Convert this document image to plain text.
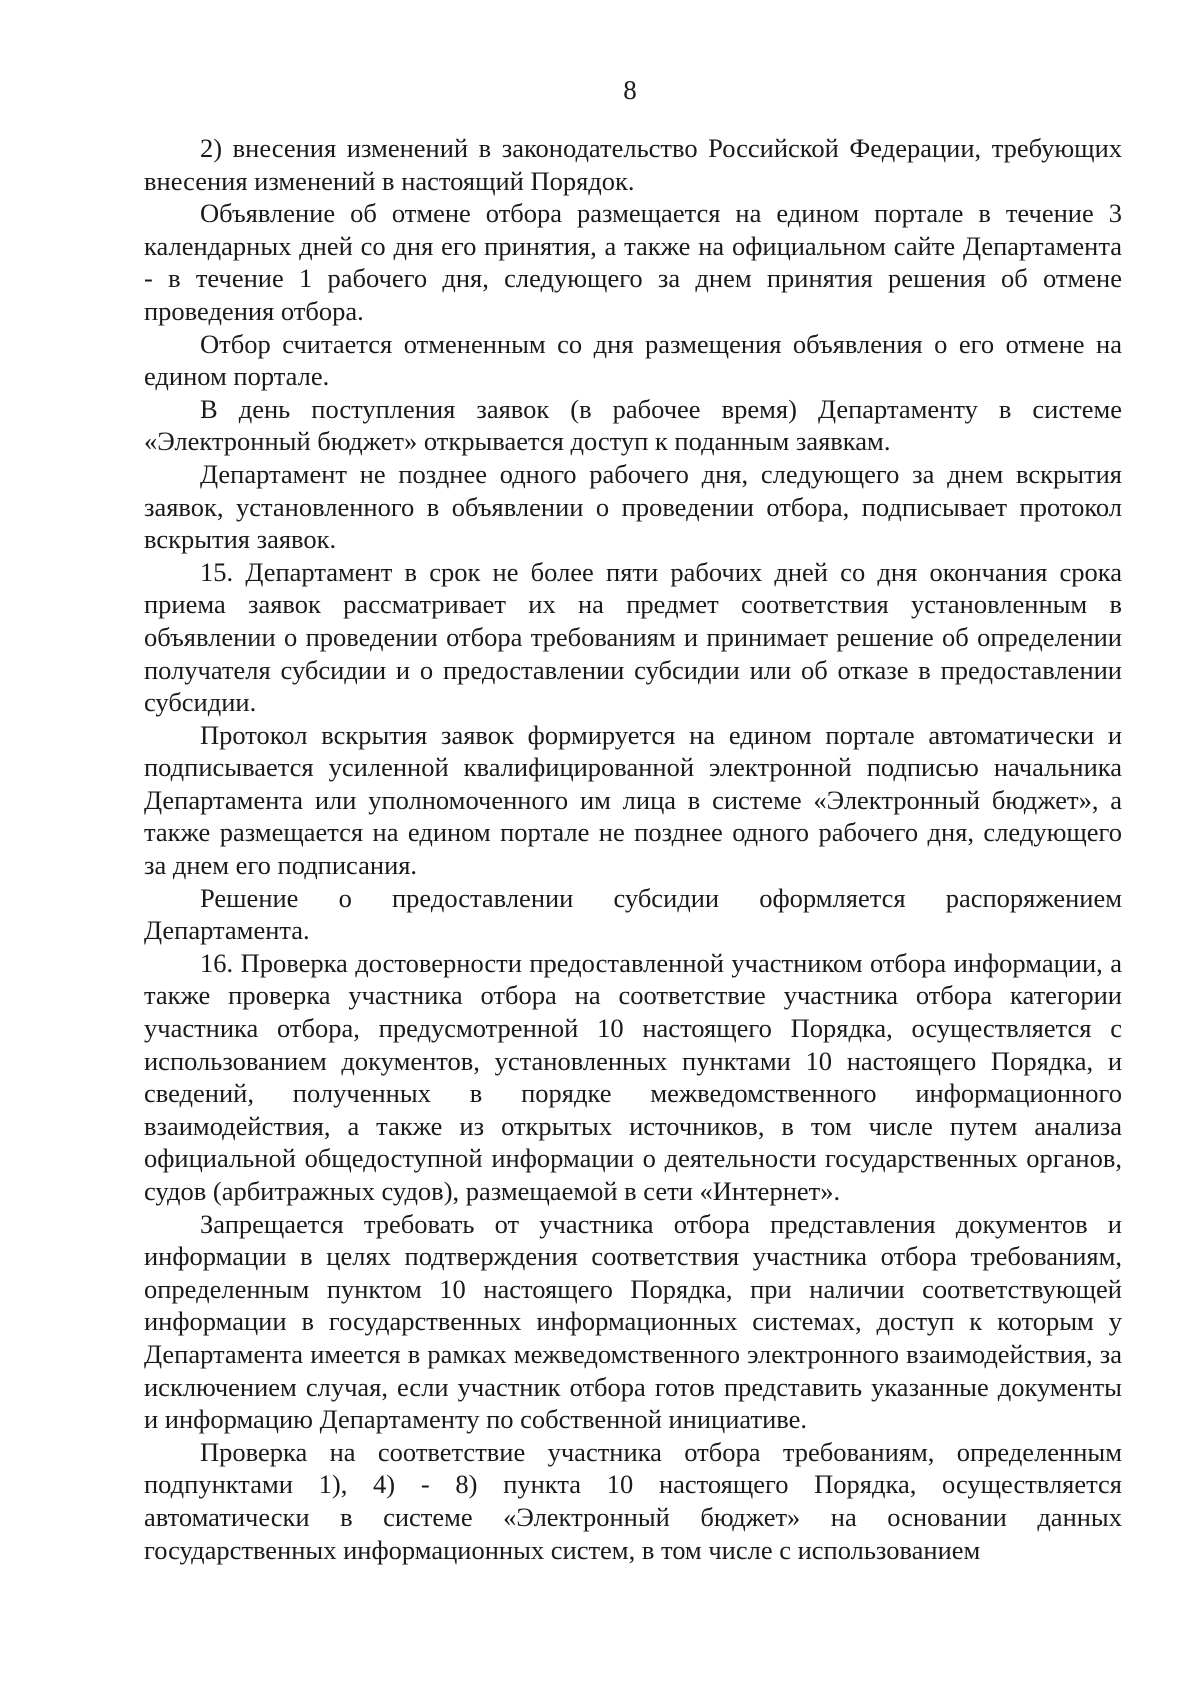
8

2) внесения изменений в законодательство Российской Федерации, требующих внесения изменений в настоящий Порядок.

Объявление об отмене отбора размещается на едином портале в течение 3 календарных дней со дня его принятия, а также на официальном сайте Департамента - в течение 1 рабочего дня, следующего за днем принятия решения об отмене проведения отбора.

Отбор считается отмененным со дня размещения объявления о его отмене на едином портале.

В день поступления заявок (в рабочее время) Департаменту в системе «Электронный бюджет» открывается доступ к поданным заявкам.

Департамент не позднее одного рабочего дня, следующего за днем вскрытия заявок, установленного в объявлении о проведении отбора, подписывает протокол вскрытия заявок.

15. Департамент в срок не более пяти рабочих дней со дня окончания срока приема заявок рассматривает их на предмет соответствия установленным в объявлении о проведении отбора требованиям и принимает решение об определении получателя субсидии и о предоставлении субсидии или об отказе в предоставлении субсидии.

Протокол вскрытия заявок формируется на едином портале автоматически и подписывается усиленной квалифицированной электронной подписью начальника Департамента или уполномоченного им лица в системе «Электронный бюджет», а также размещается на едином портале не позднее одного рабочего дня, следующего за днем его подписания.

Решение о предоставлении субсидии оформляется распоряжением Департамента.

16. Проверка достоверности предоставленной участником отбора информации, а также проверка участника отбора на соответствие участника отбора категории участника отбора, предусмотренной 10 настоящего Порядка, осуществляется с использованием документов, установленных пунктами 10 настоящего Порядка, и сведений, полученных в порядке межведомственного информационного взаимодействия, а также из открытых источников, в том числе путем анализа официальной общедоступной информации о деятельности государственных органов, судов (арбитражных судов), размещаемой в сети «Интернет».

Запрещается требовать от участника отбора представления документов и информации в целях подтверждения соответствия участника отбора требованиям, определенным пунктом 10 настоящего Порядка, при наличии соответствующей информации в государственных информационных системах, доступ к которым у Департамента имеется в рамках межведомственного электронного взаимодействия, за исключением случая, если участник отбора готов представить указанные документы и информацию Департаменту по собственной инициативе.

Проверка на соответствие участника отбора требованиям, определенным подпунктами 1), 4) - 8) пункта 10 настоящего Порядка, осуществляется автоматически в системе «Электронный бюджет» на основании данных государственных информационных систем, в том числе с использованием
